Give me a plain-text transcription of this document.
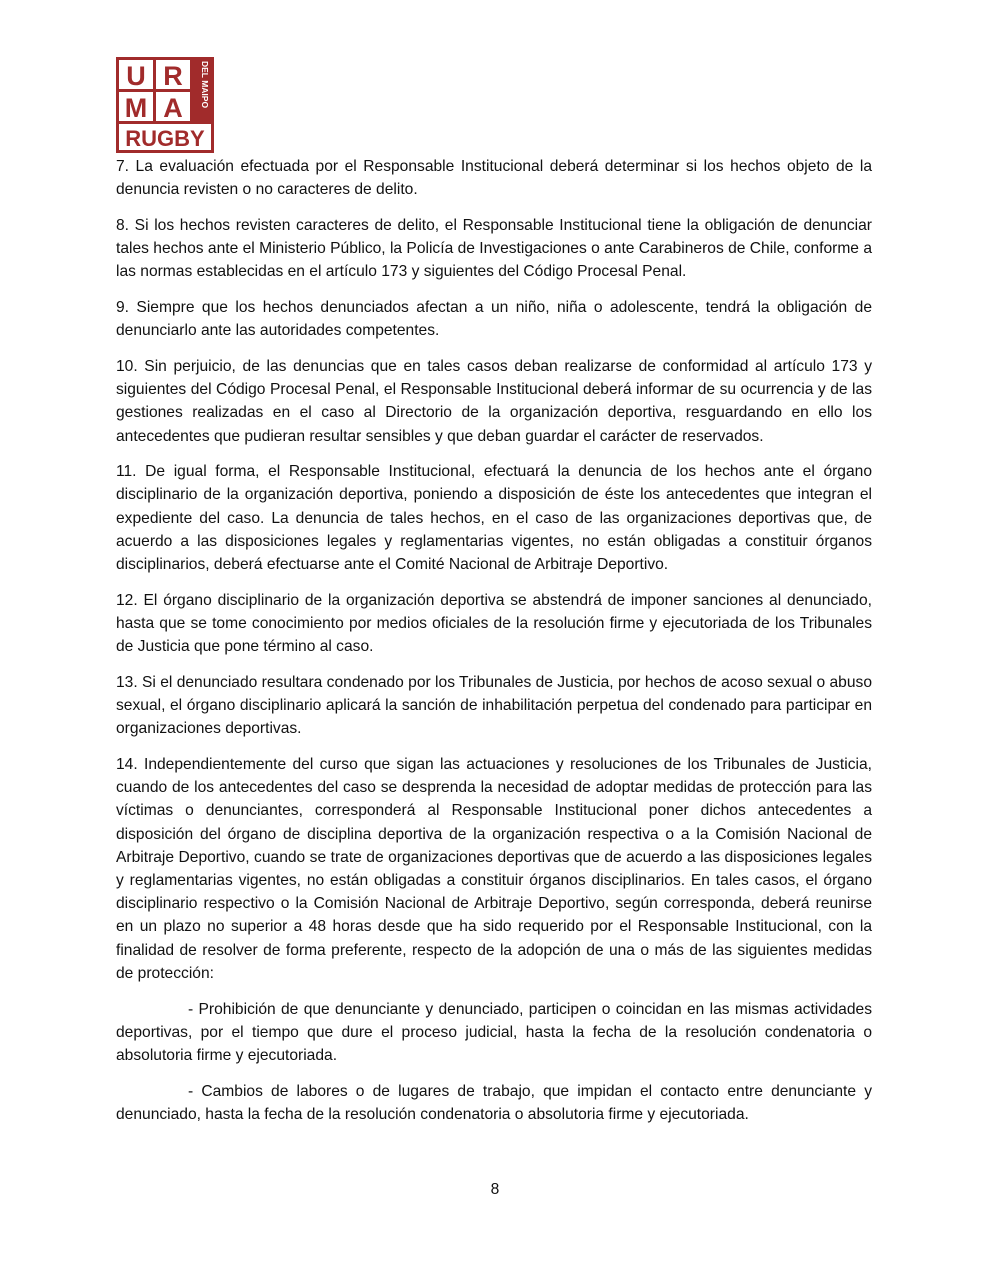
U R
M A
RUGBY
DEL MAIPO

7. La evaluación efectuada por el Responsable Institucional deberá determinar si los hechos objeto de la denuncia revisten o no caracteres de delito.

8. Si los hechos revisten caracteres de delito, el Responsable Institucional tiene la obligación de denunciar tales hechos ante el Ministerio Público, la Policía de Investigaciones o ante Carabineros de Chile, conforme a las normas establecidas en el artículo 173 y siguientes del Código Procesal Penal.

9. Siempre que los hechos denunciados afectan a un niño, niña o adolescente, tendrá la obligación de denunciarlo ante las autoridades competentes.

10. Sin perjuicio, de las denuncias que en tales casos deban realizarse de conformidad al artículo 173 y siguientes del Código Procesal Penal, el Responsable Institucional deberá informar de su ocurrencia y de las gestiones realizadas en el caso al Directorio de la organización deportiva, resguardando en ello los antecedentes que pudieran resultar sensibles y que deban guardar el carácter de reservados.

11. De igual forma, el Responsable Institucional, efectuará la denuncia de los hechos ante el órgano disciplinario de la organización deportiva, poniendo a disposición de éste los antecedentes que integran el expediente del caso. La denuncia de tales hechos, en el caso de las organizaciones deportivas que, de acuerdo a las disposiciones legales y reglamentarias vigentes, no están obligadas a constituir órganos disciplinarios, deberá efectuarse ante el Comité Nacional de Arbitraje Deportivo.

12. El órgano disciplinario de la organización deportiva se abstendrá de imponer sanciones al denunciado, hasta que se tome conocimiento por medios oficiales de la resolución firme y ejecutoriada de los Tribunales de Justicia que pone término al caso.

13. Si el denunciado resultara condenado por los Tribunales de Justicia, por hechos de acoso sexual o abuso sexual, el órgano disciplinario aplicará la sanción de inhabilitación perpetua del condenado para participar en organizaciones deportivas.

14. Independientemente del curso que sigan las actuaciones y resoluciones de los Tribunales de Justicia, cuando de los antecedentes del caso se desprenda la necesidad de adoptar medidas de protección para las víctimas o denunciantes, corresponderá al Responsable Institucional poner dichos antecedentes a disposición del órgano de disciplina deportiva de la organización respectiva o a la Comisión Nacional de Arbitraje Deportivo, cuando se trate de organizaciones deportivas que de acuerdo a las disposiciones legales y reglamentarias vigentes, no están obligadas a constituir órganos disciplinarios. En tales casos, el órgano disciplinario respectivo o la Comisión Nacional de Arbitraje Deportivo, según corresponda, deberá reunirse en un plazo no superior a 48 horas desde que ha sido requerido por el Responsable Institucional, con la finalidad de resolver de forma preferente, respecto de la adopción de una o más de las siguientes medidas de protección:

- Prohibición de que denunciante y denunciado, participen o coincidan en las mismas actividades deportivas, por el tiempo que dure el proceso judicial, hasta la fecha de la resolución condenatoria o absolutoria firme y ejecutoriada.

- Cambios de labores o de lugares de trabajo, que impidan el contacto entre denunciante y denunciado, hasta la fecha de la resolución condenatoria o absolutoria firme y ejecutoriada.

8
